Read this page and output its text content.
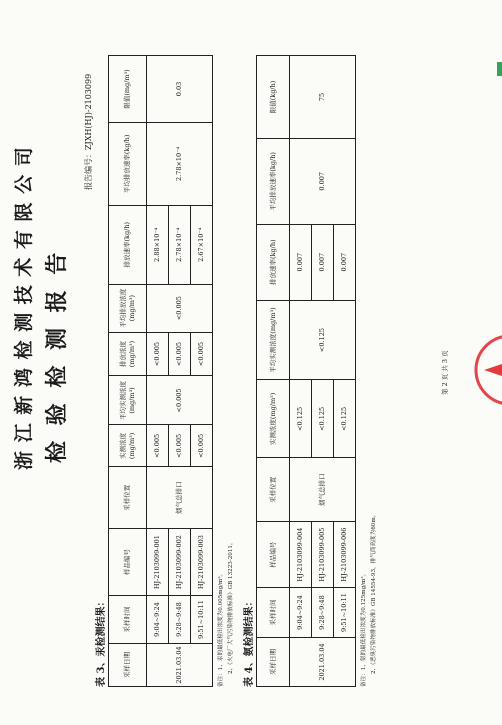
浙 江 新 鸿 检 测 技 术 有 限 公 司 检 验 检 测 报 告
报告编号：ZJXH(HJ)-2103099
表 3、汞检测结果：	采样日期	采样时间	样品编号	采样位置	实测浓度(mg/m³)	平均实测浓度(mg/m³)	排放浓度(mg/m³)	平均排放浓度(mg/m³)	排放速率(kg/h)	平均排放速率(kg/h)	限值(mg/m³)
2021.03.04	9:04~9:24	HJ-2103099-001	烟气总排口	<0.005	<0.005	<0.005	<0.005	2.88×10⁻⁴	2.78×10⁻⁴	0.03
	9:28~9:48	HJ-2103099-002		<0.005		<0.005		2.78×10⁻⁴		
	9:51~10:11	HJ-2103099-003		<0.005		<0.005		2.67×10⁻⁴		
备注：1、汞的最低检出浓度为0.005mg/m³。 2、《火电厂大气污染物排放标准》GB 13223-2011。	表 4、氨检测结果： 采样日期	采样时间	样品编号	采样位置	实测浓度(mg/m³)	平均实测浓度(mg/m³)	排放速率(kg/h)	平均排放速率(kg/h)	限值(kg/h)
2021.03.04	9:04~9:24	HJ-2103099-004	烟气总排口	<0.125	<0.125	0.007	0.007	75
	9:28~9:48	HJ-2103099-005		<0.125		0.007		
	9:51~10:11	HJ-2103099-006		<0.125		0.007		
备注：1、氨的最低检出浓度为0.125mg/m³。 2、《恶臭污染物排放标准》GB 14554-93，排气筒高度为60m。
第 2 页 共 3 页
